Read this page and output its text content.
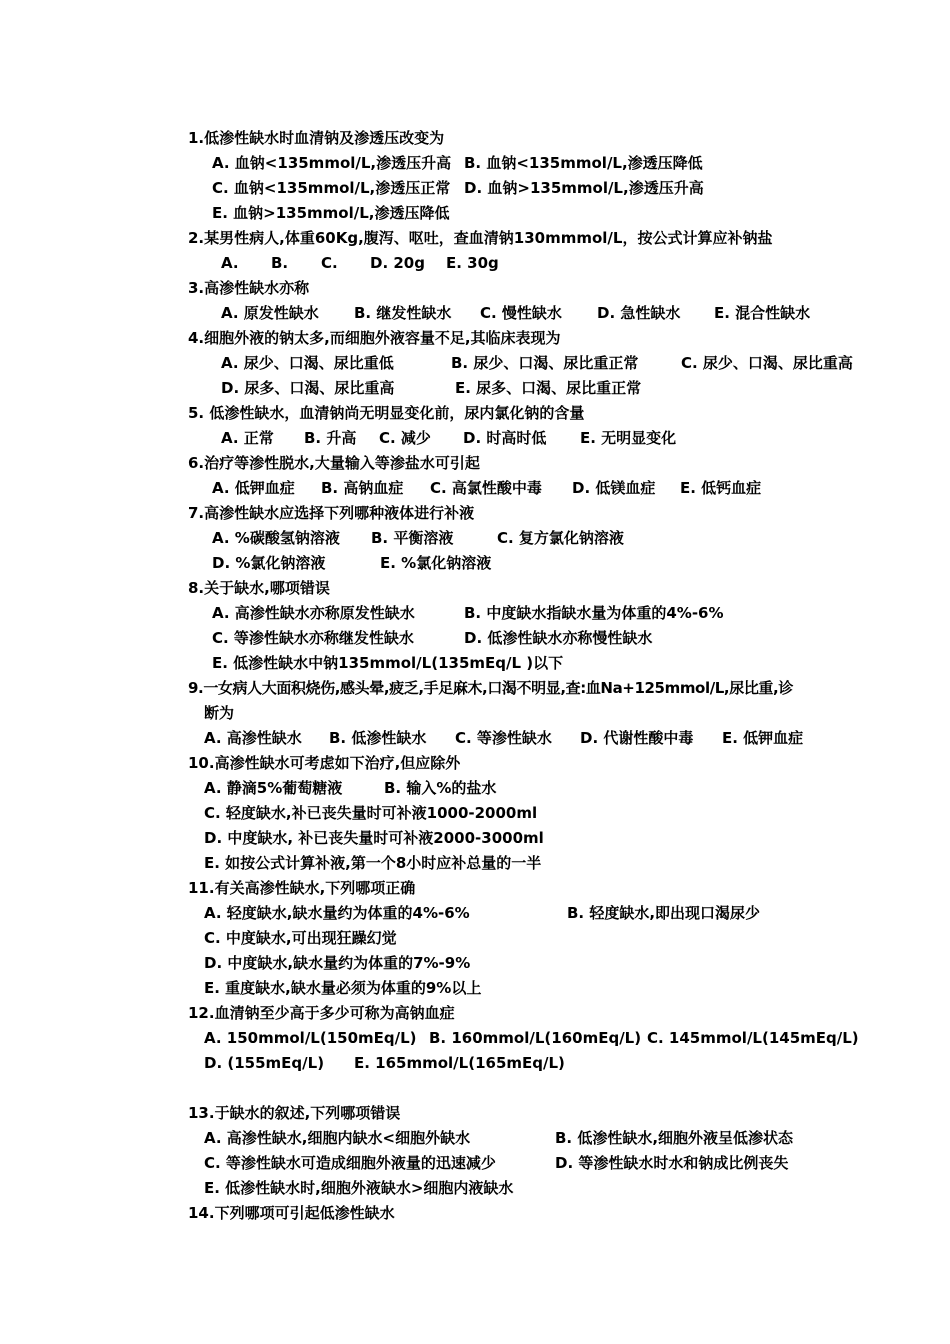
1.低渗性缺水时血清钠及渗透压改变为
A. 血钠<135mmol/L,渗透压升高 B. 血钠<135mmol/L,渗透压降低
C. 血钠<135mmol/L,渗透压正常 D. 血钠>135mmol/L,渗透压升高
E. 血钠>135mmol/L,渗透压降低
2.某男性病人,体重60Kg,腹泻、呕吐，查血清钠130mmmol/L，按公式计算应补钠盐
A. B. C. D. 20g E. 30g
3.高渗性缺水亦称
A. 原发性缺水 B. 继发性缺水 C. 慢性缺水 D. 急性缺水 E. 混合性缺水
4.细胞外液的钠太多,而细胞外液容量不足,其临床表现为
A. 尿少、口渴、尿比重低	B. 尿少、口渴、尿比重正常	C. 尿少、口渴、尿比重高
D. 尿多、口渴、尿比重高	E. 尿多、口渴、尿比重正常
5. 低渗性缺水，血清钠尚无明显变化前，尿内氯化钠的含量
A. 正常 B. 升高 C. 减少 D. 时高时低 E. 无明显变化
6.治疗等渗性脱水,大量输入等渗盐水可引起
A. 低钾血症 B. 高钠血症 C. 高氯性酸中毒 D. 低镁血症 E. 低钙血症
7.高渗性缺水应选择下列哪种液体进行补液
A. %碳酸氢钠溶液 B. 平衡溶液	C. 复方氯化钠溶液
D. %氯化钠溶液	E. %氯化钠溶液
8.关于缺水,哪项错误
A. 高渗性缺水亦称原发性缺水	B. 中度缺水指缺水量为体重的4%-6%
C. 等渗性缺水亦称继发性缺水	D. 低渗性缺水亦称慢性缺水
E. 低渗性缺水中钠135mmol/L(135mEq/L )以下
9.一女病人大面积烧伤,感头晕,疲乏,手足麻木,口渴不明显,查:血Na+125mmol/L,尿比重,诊
断为
A. 高渗性缺水 B. 低渗性缺水 C. 等渗性缺水 D. 代谢性酸中毒 E. 低钾血症
10.高渗性缺水可考虑如下治疗,但应除外
A. 静滴5%葡萄糖液	B. 输入%的盐水
C. 轻度缺水,补已丧失量时可补液1000-2000ml
D. 中度缺水, 补已丧失量时可补液2000-3000ml
E. 如按公式计算补液,第一个8小时应补总量的一半
11.有关高渗性缺水,下列哪项正确
A. 轻度缺水,缺水量约为体重的4%-6%	B. 轻度缺水,即出现口渴尿少
C. 中度缺水,可出现狂躁幻觉
D. 中度缺水,缺水量约为体重的7%-9%
E. 重度缺水,缺水量必须为体重的9%以上
12.血清钠至少高于多少可称为高钠血症
A. 150mmol/L(150mEq/L) B. 160mmol/L(160mEq/L) C. 145mmol/L(145mEq/L)
D. (155mEq/L) E. 165mmol/L(165mEq/L)
13.于缺水的叙述,下列哪项错误
A. 高渗性缺水,细胞内缺水<细胞外缺水	B. 低渗性缺水,细胞外液呈低渗状态
C. 等渗性缺水可造成细胞外液量的迅速减少	D. 等渗性缺水时水和钠成比例丧失
E. 低渗性缺水时,细胞外液缺水>细胞内液缺水
14.下列哪项可引起低渗性缺水
